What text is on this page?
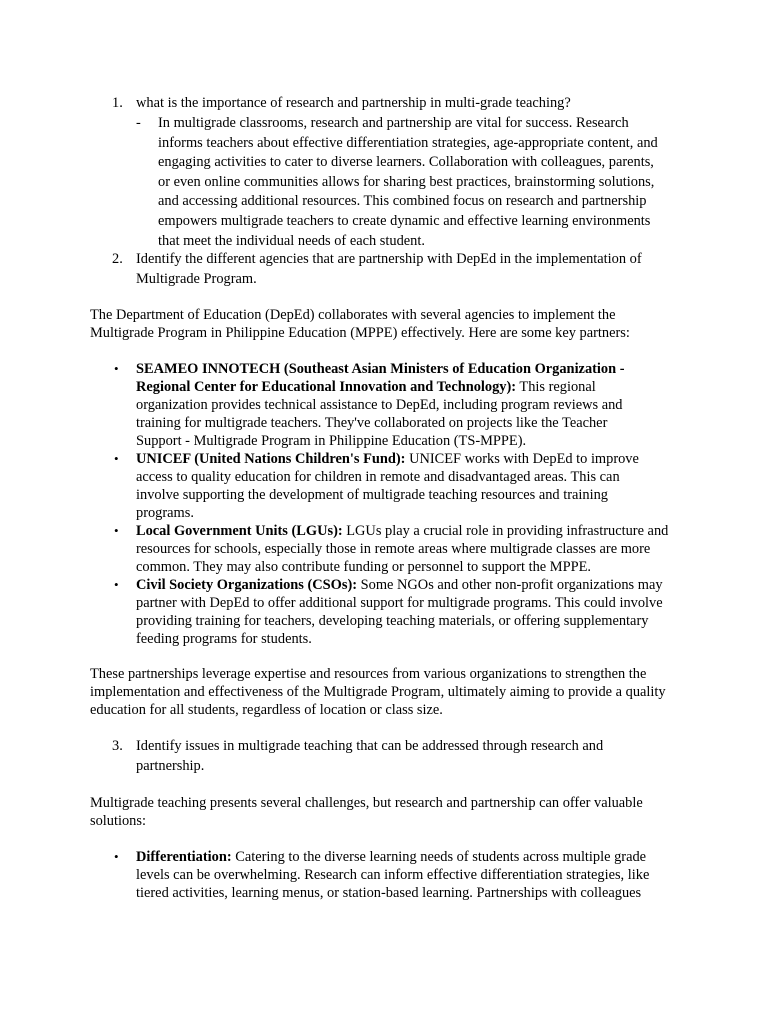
1. what is the importance of research and partnership in multi-grade teaching?

- In multigrade classrooms, research and partnership are vital for success. Research informs teachers about effective differentiation strategies, age-appropriate content, and engaging activities to cater to diverse learners. Collaboration with colleagues, parents, or even online communities allows for sharing best practices, brainstorming solutions, and accessing additional resources. This combined focus on research and partnership empowers multigrade teachers to create dynamic and effective learning environments that meet the individual needs of each student.

2. Identify the different agencies that are partnership with DepEd in the implementation of Multigrade Program.

The Department of Education (DepEd) collaborates with several agencies to implement the Multigrade Program in Philippine Education (MPPE) effectively. Here are some key partners:

• SEAMEO INNOTECH (Southeast Asian Ministers of Education Organization - Regional Center for Educational Innovation and Technology): This regional organization provides technical assistance to DepEd, including program reviews and training for multigrade teachers. They've collaborated on projects like the Teacher Support - Multigrade Program in Philippine Education (TS-MPPE).

• UNICEF (United Nations Children's Fund): UNICEF works with DepEd to improve access to quality education for children in remote and disadvantaged areas. This can involve supporting the development of multigrade teaching resources and training programs.

• Local Government Units (LGUs): LGUs play a crucial role in providing infrastructure and resources for schools, especially those in remote areas where multigrade classes are more common. They may also contribute funding or personnel to support the MPPE.

• Civil Society Organizations (CSOs): Some NGOs and other non-profit organizations may partner with DepEd to offer additional support for multigrade programs. This could involve providing training for teachers, developing teaching materials, or offering supplementary feeding programs for students.

These partnerships leverage expertise and resources from various organizations to strengthen the implementation and effectiveness of the Multigrade Program, ultimately aiming to provide a quality education for all students, regardless of location or class size.

3. Identify issues in multigrade teaching that can be addressed through research and partnership.

Multigrade teaching presents several challenges, but research and partnership can offer valuable solutions:

• Differentiation: Catering to the diverse learning needs of students across multiple grade levels can be overwhelming. Research can inform effective differentiation strategies, like tiered activities, learning menus, or station-based learning. Partnerships with colleagues
